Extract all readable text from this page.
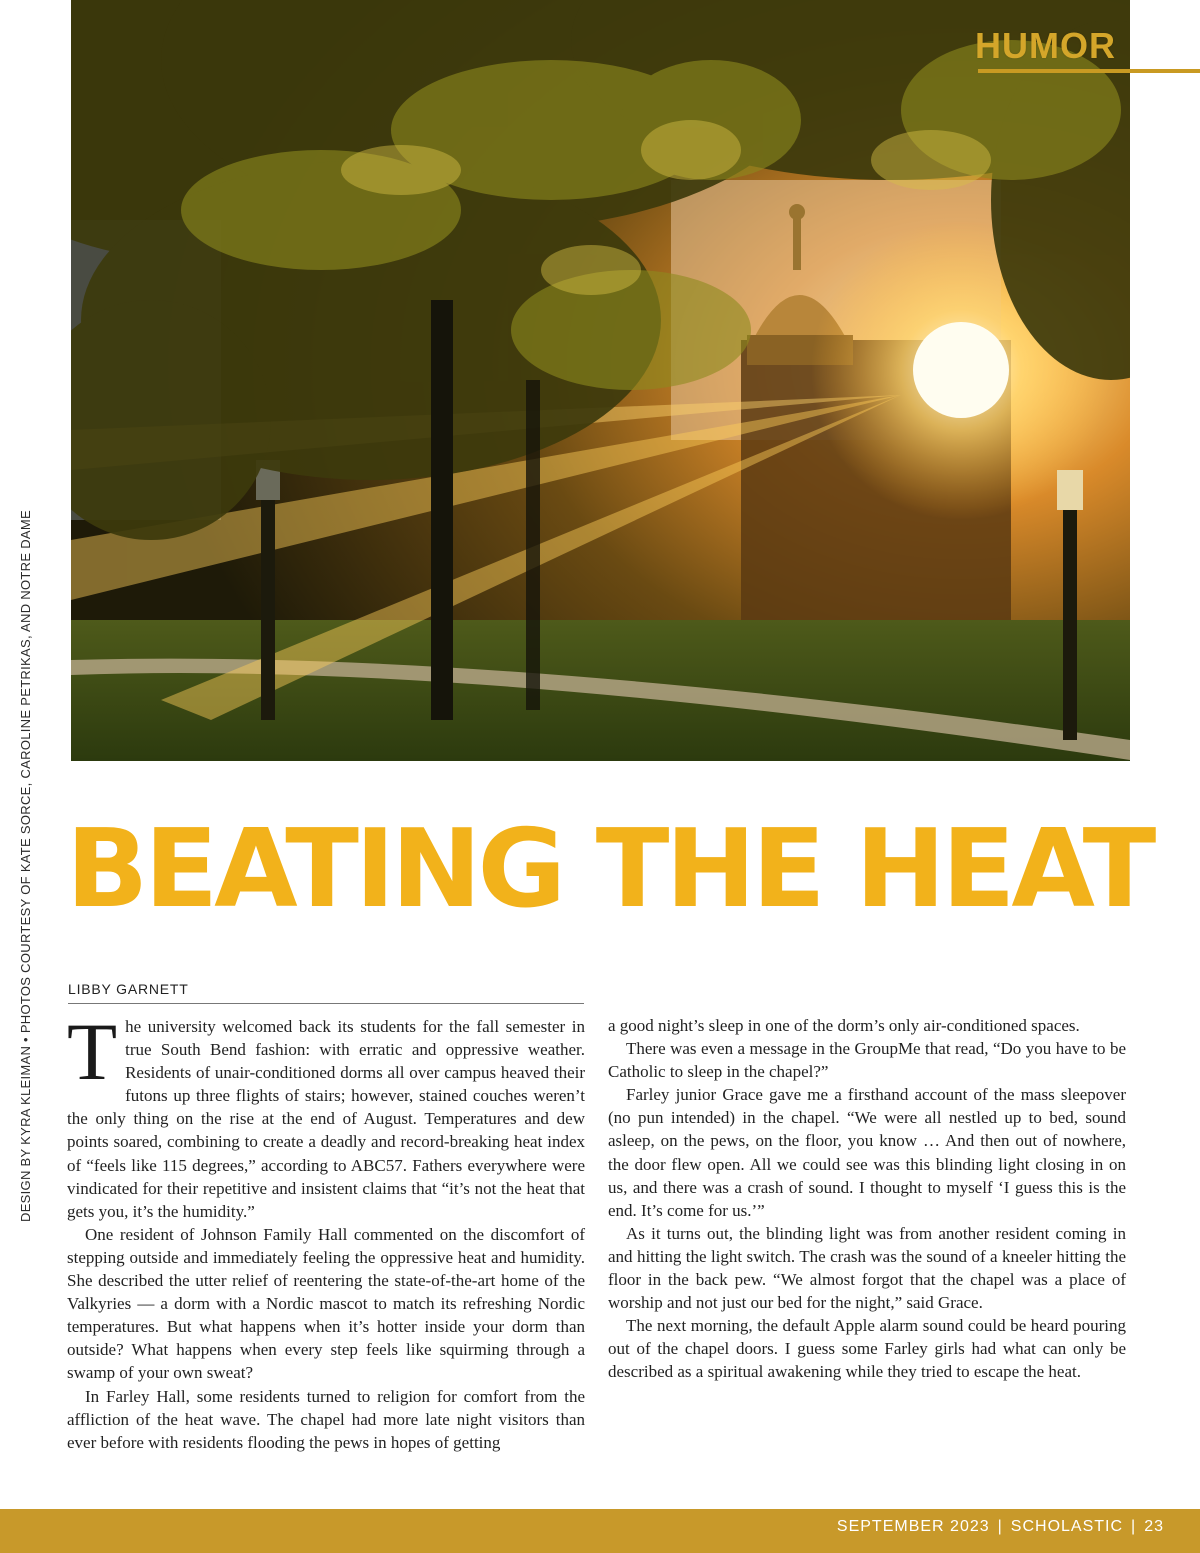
HUMOR
DESIGN BY KYRA KLEIMAN • PHOTOS COURTESY OF KATE SORCE, CAROLINE PETRIKAS, AND NOTRE DAME BEATING THE HEAT
LIBBY GARNETT

The university welcomed back its students for the fall semester in true South Bend fashion: with erratic and oppressive weather. Residents of unair-conditioned dorms all over campus heaved their futons up three flights of stairs; however, stained couches weren’t the only thing on the rise at the end of August. Temperatures and dew points soared, combining to create a deadly and record-breaking heat index of “feels like 115 degrees,” according to ABC57. Fathers everywhere were vindicated for their repetitive and insistent claims that “it’s not the heat that gets you, it’s the humidity.”

One resident of Johnson Family Hall commented on the discomfort of stepping outside and immediately feeling the oppressive heat and humidity. She described the utter relief of reentering the state-of-the-art home of the Valkyries — a dorm with a Nordic mascot to match its refreshing Nordic temperatures. But what happens when it’s hotter inside your dorm than outside? What happens when every step feels like squirming through a swamp of your own sweat?

In Farley Hall, some residents turned to religion for comfort from the affliction of the heat wave. The chapel had more late night visitors than ever before with residents flooding the pews in hopes of getting

a good night’s sleep in one of the dorm’s only air-conditioned spaces.

There was even a message in the GroupMe that read, “Do you have to be Catholic to sleep in the chapel?”

Farley junior Grace gave me a firsthand account of the mass sleepover (no pun intended) in the chapel. “We were all nestled up to bed, sound asleep, on the pews, on the floor, you know … And then out of nowhere, the door flew open. All we could see was this blinding light closing in on us, and there was a crash of sound. I thought to myself ‘I guess this is the end. It’s come for us.’”

As it turns out, the blinding light was from another resident coming in and hitting the light switch. The crash was the sound of a kneeler hitting the floor in the back pew. “We almost forgot that the chapel was a place of worship and not just our bed for the night,” said Grace.

The next morning, the default Apple alarm sound could be heard pouring out of the chapel doors. I guess some Farley girls had what can only be described as a spiritual awakening while they tried to escape the heat.

SEPTEMBER 2023 | SCHOLASTIC | 23
